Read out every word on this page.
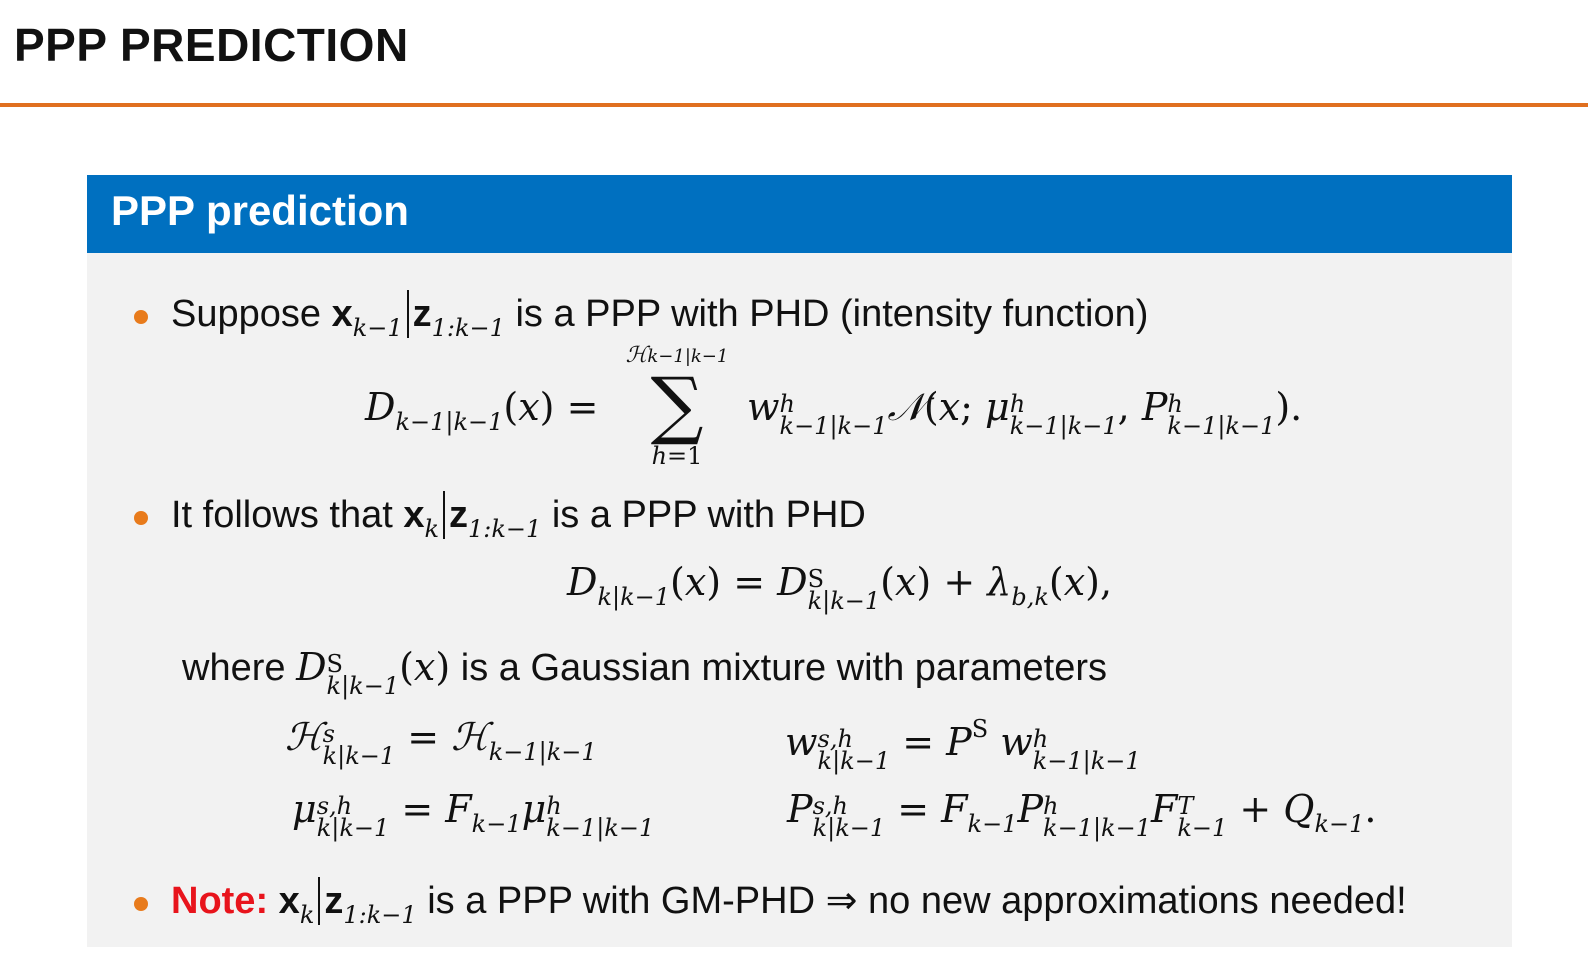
PPP PREDICTION
PPP prediction
Suppose $x_{k-1}$ $z_{1:k-1}$ is a PPP with PHD (intensity function)
$D_{k-1|k-1}(x)$ =
ℋk−1|k−1
∑
h=1
w h
k−1|k−1 𝒩(x; μ h
k−1|k−1 , P h
k−1|k−1 ).
It follows that $x_k$ $z_{1:k-1}$ is a PPP with PHD
$D_{k|k-1}(x) = D$ S
k|k−1 $(x) + \lambda_{b,k}(x)$,
where D S
k|k−1 (x) is a Gaussian mixture with parameters
ℋ s
k|k−1 = ℋ$_{k-1|k-1}$	w s,h
$k|k-1 = P^S$ w h
k−1|k−1
μ s,h
$k|k-1 = F_{k-1}\mu$ h
k−1|k−1	P s,h
$k|k-1 = F_{k-1}P$ h
k−1|k−1 F T
$k-1 + Q_{k-1}$.
Note: $x_k$ $z_{1:k-1}$ is a PPP with GM-PHD ⇒ no new approximations needed!
